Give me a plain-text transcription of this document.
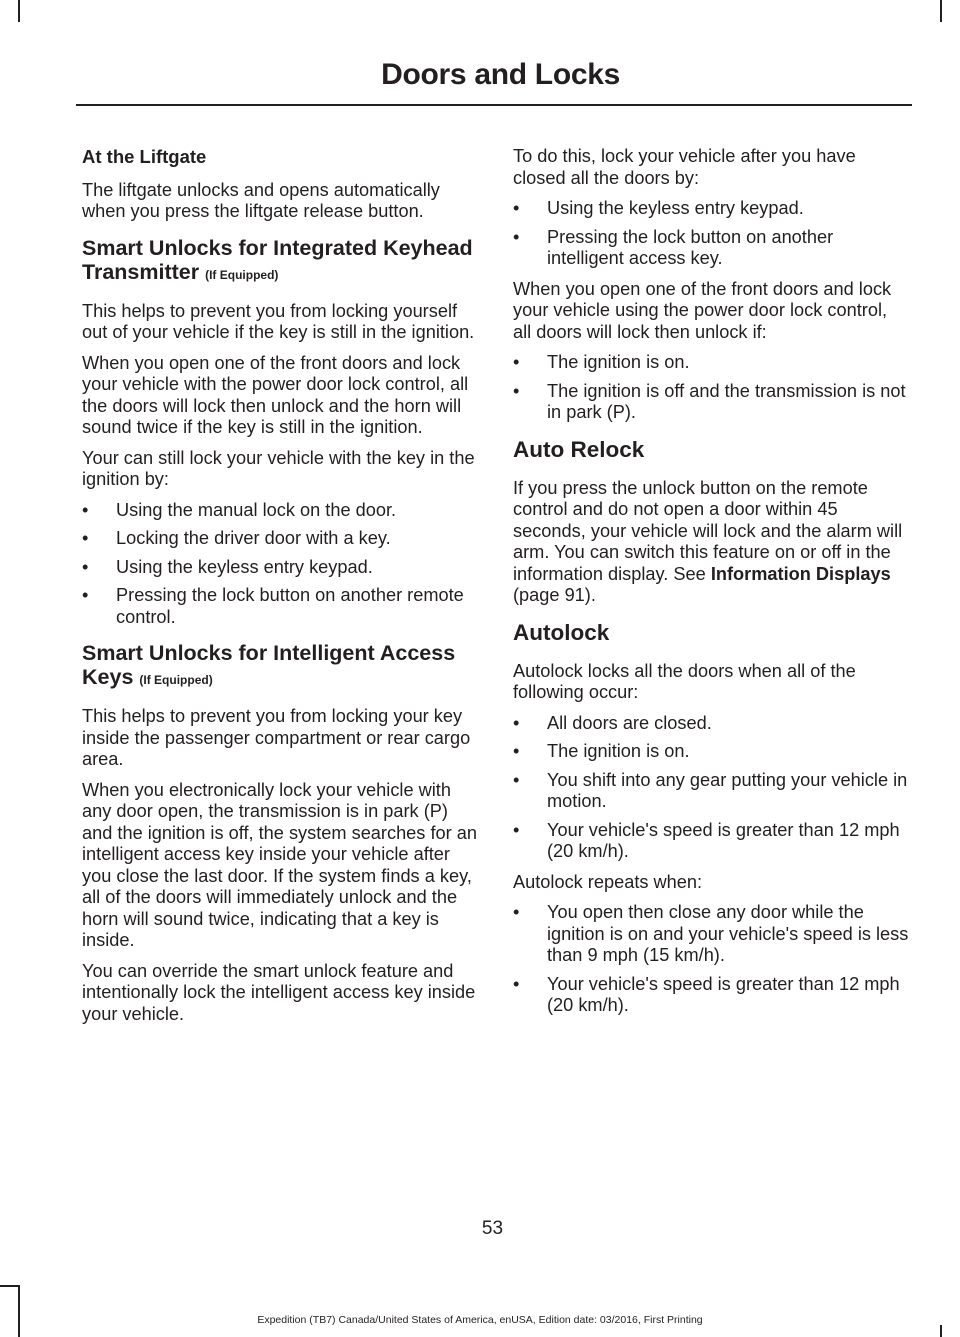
Doors and Locks

At the Liftgate

The liftgate unlocks and opens automatically when you press the liftgate release button.

Smart Unlocks for Integrated Keyhead Transmitter (If Equipped)

This helps to prevent you from locking yourself out of your vehicle if the key is still in the ignition.

When you open one of the front doors and lock your vehicle with the power door lock control, all the doors will lock then unlock and the horn will sound twice if the key is still in the ignition.

Your can still lock your vehicle with the key in the ignition by:

• Using the manual lock on the door.
• Locking the driver door with a key.
• Using the keyless entry keypad.
• Pressing the lock button on another remote control.
Smart Unlocks for Intelligent Access Keys (If Equipped)

This helps to prevent you from locking your key inside the passenger compartment or rear cargo area.

When you electronically lock your vehicle with any door open, the transmission is in park (P) and the ignition is off, the system searches for an intelligent access key inside your vehicle after you close the last door. If the system finds a key, all of the doors will immediately unlock and the horn will sound twice, indicating that a key is inside.

You can override the smart unlock feature and intentionally lock the intelligent access key inside your vehicle.

To do this, lock your vehicle after you have closed all the doors by:

• Using the keyless entry keypad.
• Pressing the lock button on another intelligent access key.

When you open one of the front doors and lock your vehicle using the power door lock control, all doors will lock then unlock if:

• The ignition is on.
• The ignition is off and the transmission is not in park (P).
Auto Relock

If you press the unlock button on the remote control and do not open a door within 45 seconds, your vehicle will lock and the alarm will arm. You can switch this feature on or off in the information display. See Information Displays (page 91).

Autolock

Autolock locks all the doors when all of the following occur:

• All doors are closed.
• The ignition is on.
• You shift into any gear putting your vehicle in motion.
• Your vehicle's speed is greater than 12 mph (20 km/h).

Autolock repeats when:

• You open then close any door while the ignition is on and your vehicle's speed is less than 9 mph (15 km/h).
• Your vehicle's speed is greater than 12 mph (20 km/h).
53
Expedition (TB7) Canada/United States of America, enUSA, Edition date: 03/2016, First Printing
